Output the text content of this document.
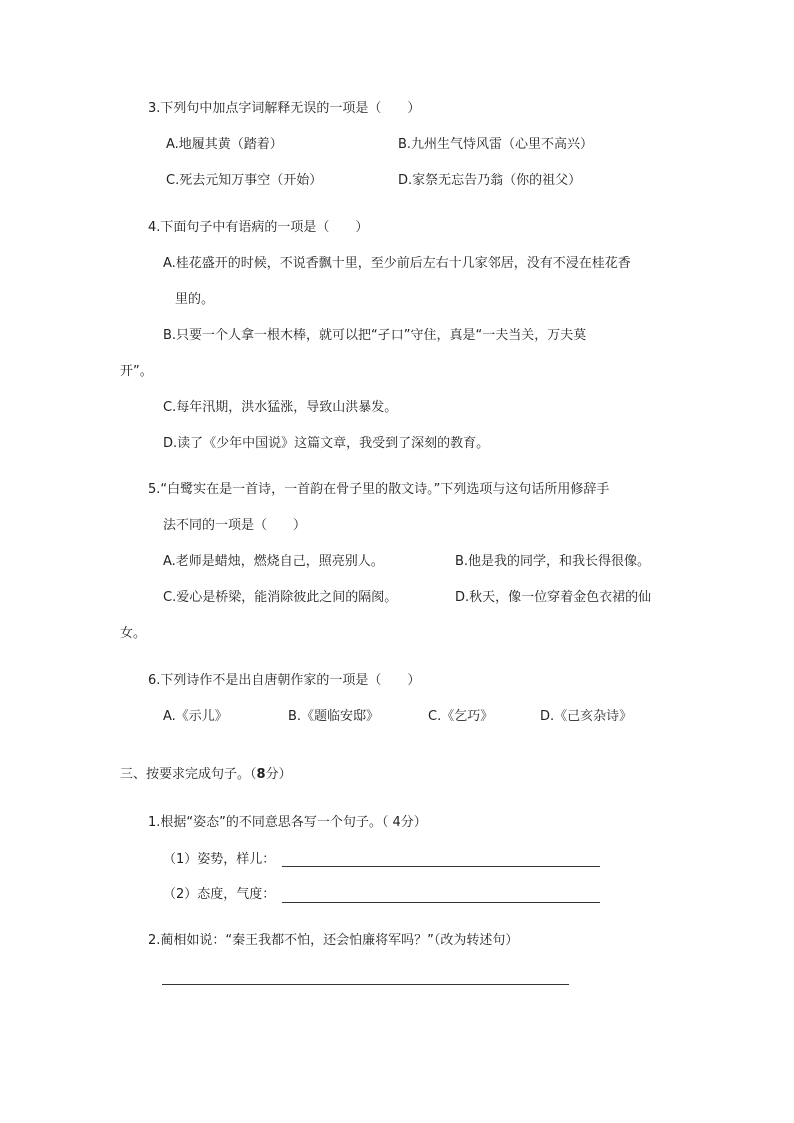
3.下列句中加点字词解释无误的一项是（　　）
A.地履其黄（踏着）	B.九州生气恃风雷（心里不高兴）
C.死去元知万事空（开始）	D.家祭无忘告乃翁（你的祖父）
4.下面句子中有语病的一项是（　　）
A.桂花盛开的时候，不说香飘十里，至少前后左右十几家邻居，没有不浸在桂花香
里的。
B.只要一个人拿一根木棒，就可以把“孑口”守住，真是“一夫当关，万夫莫
开”。
C.每年汛期，洪水猛涨，导致山洪暴发。
D.读了《少年中国说》这篇文章，我受到了深刻的教育。
5.“白鹭实在是一首诗，一首韵在骨子里的散文诗。”下列选项与这句话所用修辞手
法不同的一项是（　　）
A.老师是蜡烛，燃烧自己，照亮别人。	B.他是我的同学，和我长得很像。
C.爱心是桥梁，能消除彼此之间的隔阂。	D.秋天，像一位穿着金色衣裙的仙
女。
6.下列诗作不是出自唐朝作家的一项是（　　）
A.《示儿》	B.《题临安邸》	C.《乞巧》	D.《己亥杂诗》
三、按要求完成句子。（8分）
1.根据“姿态”的不同意思各写一个句子。（ 4分）
（1）姿势，样儿：
（2）态度，气度：
2.蔺相如说：“秦王我都不怕，还会怕廉将军吗？”（改为转述句）
